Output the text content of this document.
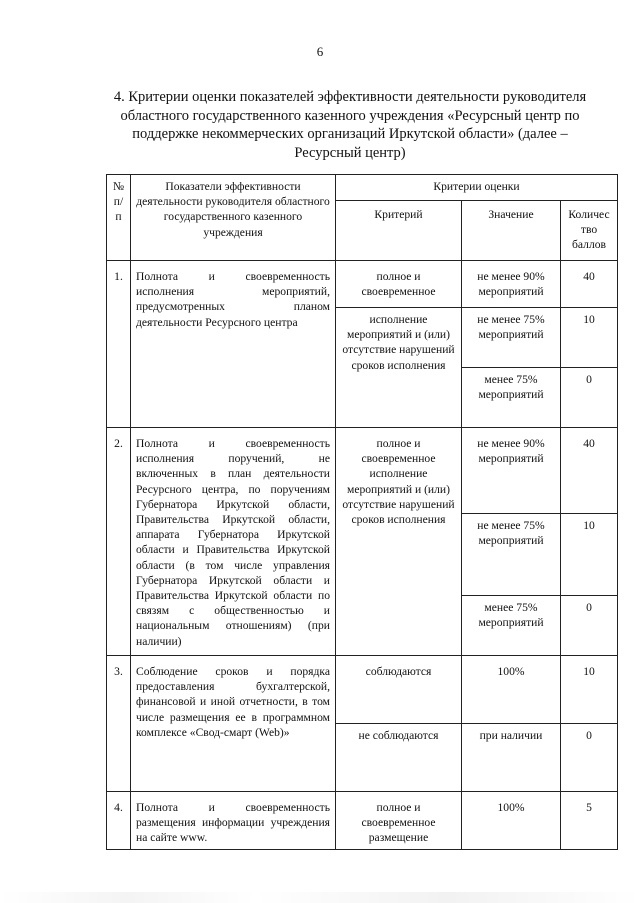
6
4. Критерии оценки показателей эффективности деятельности руководителя областного государственного казенного учреждения «Ресурсный центр по поддержке некоммерческих организаций Иркутской области» (далее – Ресурсный центр)
№ п/п	Показатели эффективности деятельности руководителя областного государственного казенного учреждения	Критерии оценки		
		Критерий	Значение	Количес тво баллов
1.	Полнота и своевременность исполнения мероприятий, предусмотренных планом деятельности Ресурсного центра	полное и своевременное	не менее 90% мероприятий	40
		исполнение мероприятий и (или) отсутствие нарушений сроков исполнения	не менее 75% мероприятий	10
			менее 75% мероприятий	0
2.	Полнота и своевременность исполнения поручений, не включенных в план деятельности Ресурсного центра, по поручениям Губернатора Иркутской области, Правительства Иркутской области, аппарата Губернатора Иркутской области и Правительства Иркутской области (в том числе управления Губернатора Иркутской области и Правительства Иркутской области по связям с общественностью и национальным отношениям) (при наличии)	полное и своевременное исполнение мероприятий и (или) отсутствие нарушений сроков исполнения	не менее 90% мероприятий	40
			не менее 75% мероприятий	10
			менее 75% мероприятий	0
3.	Соблюдение сроков и порядка предоставления бухгалтерской, финансовой и иной отчетности, в том числе размещения ее в программном комплексе «Свод-смарт (Web)»	соблюдаются	100%	10
		не соблюдаются	при наличии	0
4.	Полнота и своевременность размещения информации учреждения на сайте www.	полное и своевременное размещение	100%	5
